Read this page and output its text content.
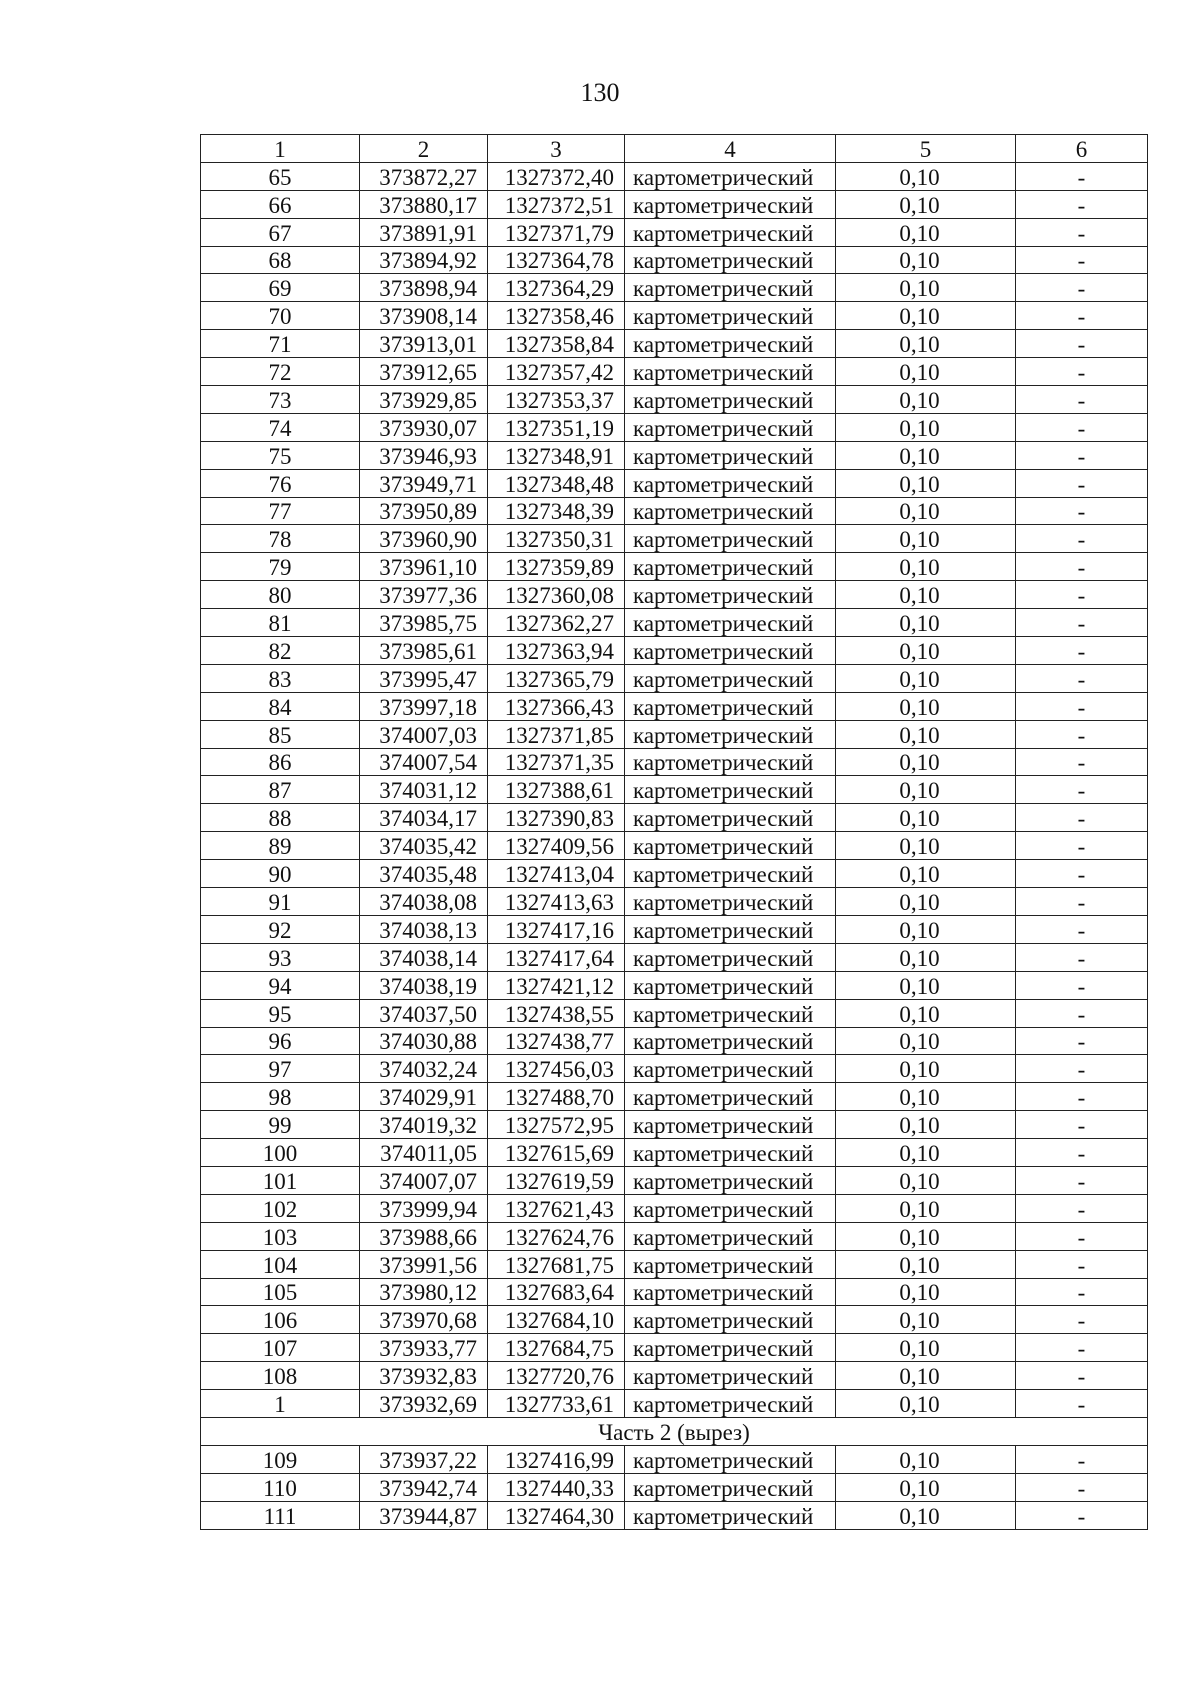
130
1	2	3	4	5	6
65	373872,27	1327372,40	картометрический	0,10	-
66	373880,17	1327372,51	картометрический	0,10	-
67	373891,91	1327371,79	картометрический	0,10	-
68	373894,92	1327364,78	картометрический	0,10	-
69	373898,94	1327364,29	картометрический	0,10	-
70	373908,14	1327358,46	картометрический	0,10	-
71	373913,01	1327358,84	картометрический	0,10	-
72	373912,65	1327357,42	картометрический	0,10	-
73	373929,85	1327353,37	картометрический	0,10	-
74	373930,07	1327351,19	картометрический	0,10	-
75	373946,93	1327348,91	картометрический	0,10	-
76	373949,71	1327348,48	картометрический	0,10	-
77	373950,89	1327348,39	картометрический	0,10	-
78	373960,90	1327350,31	картометрический	0,10	-
79	373961,10	1327359,89	картометрический	0,10	-
80	373977,36	1327360,08	картометрический	0,10	-
81	373985,75	1327362,27	картометрический	0,10	-
82	373985,61	1327363,94	картометрический	0,10	-
83	373995,47	1327365,79	картометрический	0,10	-
84	373997,18	1327366,43	картометрический	0,10	-
85	374007,03	1327371,85	картометрический	0,10	-
86	374007,54	1327371,35	картометрический	0,10	-
87	374031,12	1327388,61	картометрический	0,10	-
88	374034,17	1327390,83	картометрический	0,10	-
89	374035,42	1327409,56	картометрический	0,10	-
90	374035,48	1327413,04	картометрический	0,10	-
91	374038,08	1327413,63	картометрический	0,10	-
92	374038,13	1327417,16	картометрический	0,10	-
93	374038,14	1327417,64	картометрический	0,10	-
94	374038,19	1327421,12	картометрический	0,10	-
95	374037,50	1327438,55	картометрический	0,10	-
96	374030,88	1327438,77	картометрический	0,10	-
97	374032,24	1327456,03	картометрический	0,10	-
98	374029,91	1327488,70	картометрический	0,10	-
99	374019,32	1327572,95	картометрический	0,10	-
100	374011,05	1327615,69	картометрический	0,10	-
101	374007,07	1327619,59	картометрический	0,10	-
102	373999,94	1327621,43	картометрический	0,10	-
103	373988,66	1327624,76	картометрический	0,10	-
104	373991,56	1327681,75	картометрический	0,10	-
105	373980,12	1327683,64	картометрический	0,10	-
106	373970,68	1327684,10	картометрический	0,10	-
107	373933,77	1327684,75	картометрический	0,10	-
108	373932,83	1327720,76	картометрический	0,10	-
1	373932,69	1327733,61	картометрический	0,10	-
Часть 2 (вырез)					
109	373937,22	1327416,99	картометрический	0,10	-
110	373942,74	1327440,33	картометрический	0,10	-
111	373944,87	1327464,30	картометрический	0,10	-
